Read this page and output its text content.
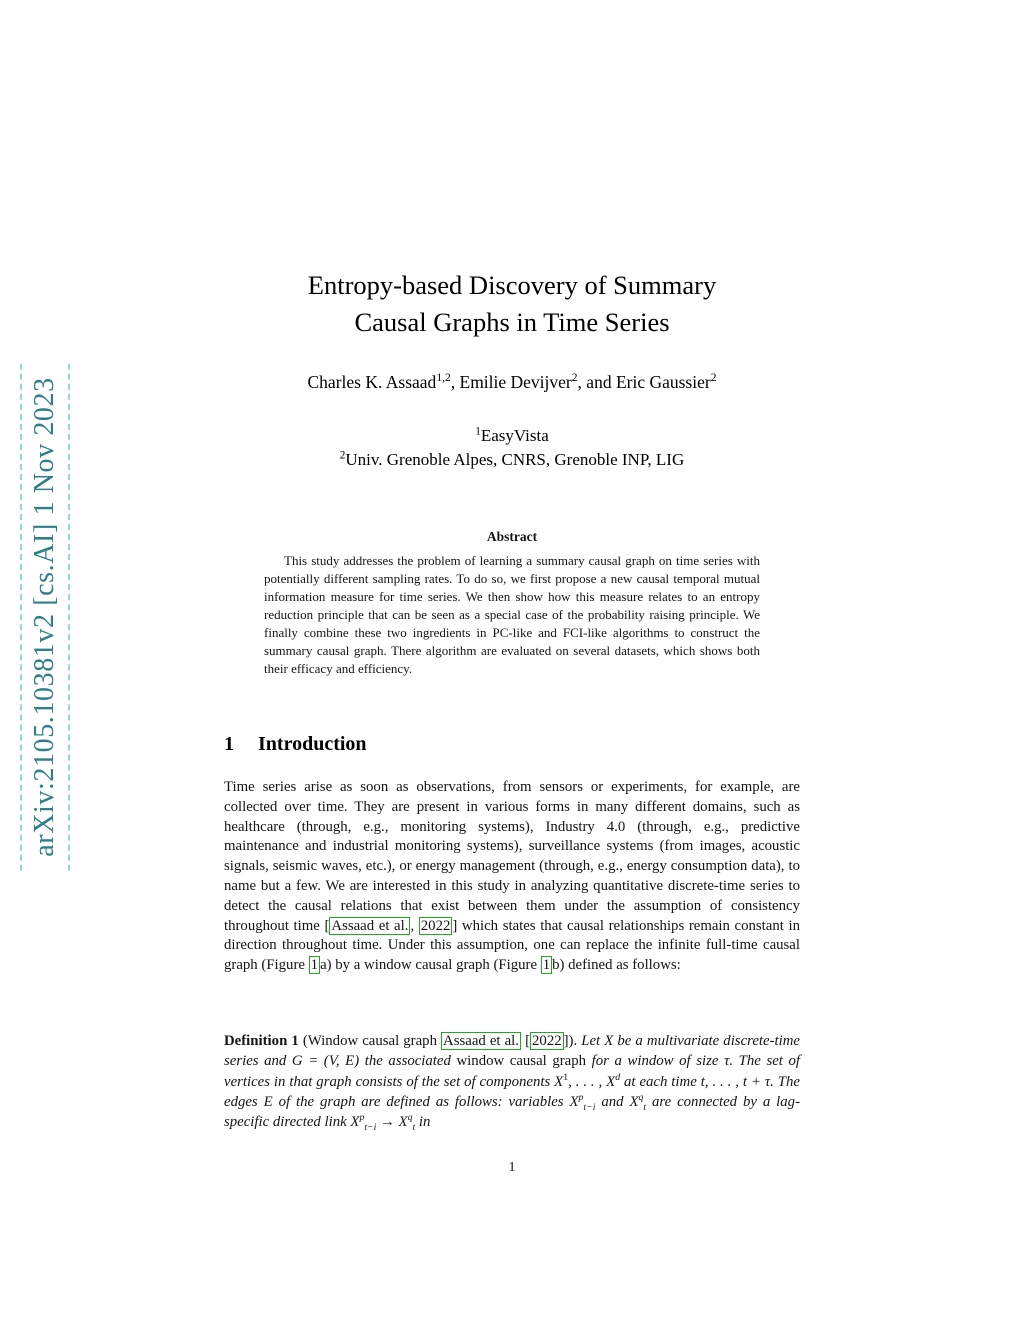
arXiv:2105.10381v2 [cs.AI] 1 Nov 2023
Entropy-based Discovery of Summary
Causal Graphs in Time Series
Charles K. Assaad$^{1,2}$, Emilie Devijver$^2$, and Eric Gaussier$^2$
$^1$EasyVista
$^2$Univ. Grenoble Alpes, CNRS, Grenoble INP, LIG
Abstract
This study addresses the problem of learning a summary causal graph on time series with potentially different sampling rates. To do so, we first propose a new causal temporal mutual information measure for time series. We then show how this measure relates to an entropy reduction principle that can be seen as a special case of the probability raising principle. We finally combine these two ingredients in PC-like and FCI-like algorithms to construct the summary causal graph. There algorithm are evaluated on several datasets, which shows both their efficacy and efficiency.
1 Introduction
Time series arise as soon as observations, from sensors or experiments, for example, are collected over time. They are present in various forms in many different domains, such as healthcare (through, e.g., monitoring systems), Industry 4.0 (through, e.g., predictive maintenance and industrial monitoring systems), surveillance systems (from images, acoustic signals, seismic waves, etc.), or energy management (through, e.g., energy consumption data), to name but a few. We are interested in this study in analyzing quantitative discrete-time series to detect the causal relations that exist between them under the assumption of consistency throughout time [ Assaad et al. , 2022 ] which states that causal relationships remain constant in direction throughout time. Under this assumption, one can replace the infinite full-time causal graph (Figure 1 a) by a window causal graph (Figure 1 b) defined as follows:
Definition 1 (Window causal graph Assaad et al. [ 2022 ]). Let X be a multivariate discrete-time series and G = (V, E) the associated window causal graph for a window of size τ. The set of vertices in that graph consists of the set of components $X^1$, . . . , $X^d$ at each time t, . . . , t + τ. The edges E of the graph are defined as follows: variables $X^p_{t-i}$ and $X^q_t$ are connected by a lag-specific directed link $X^p_{t-i} \to X^q_t$ in
1
